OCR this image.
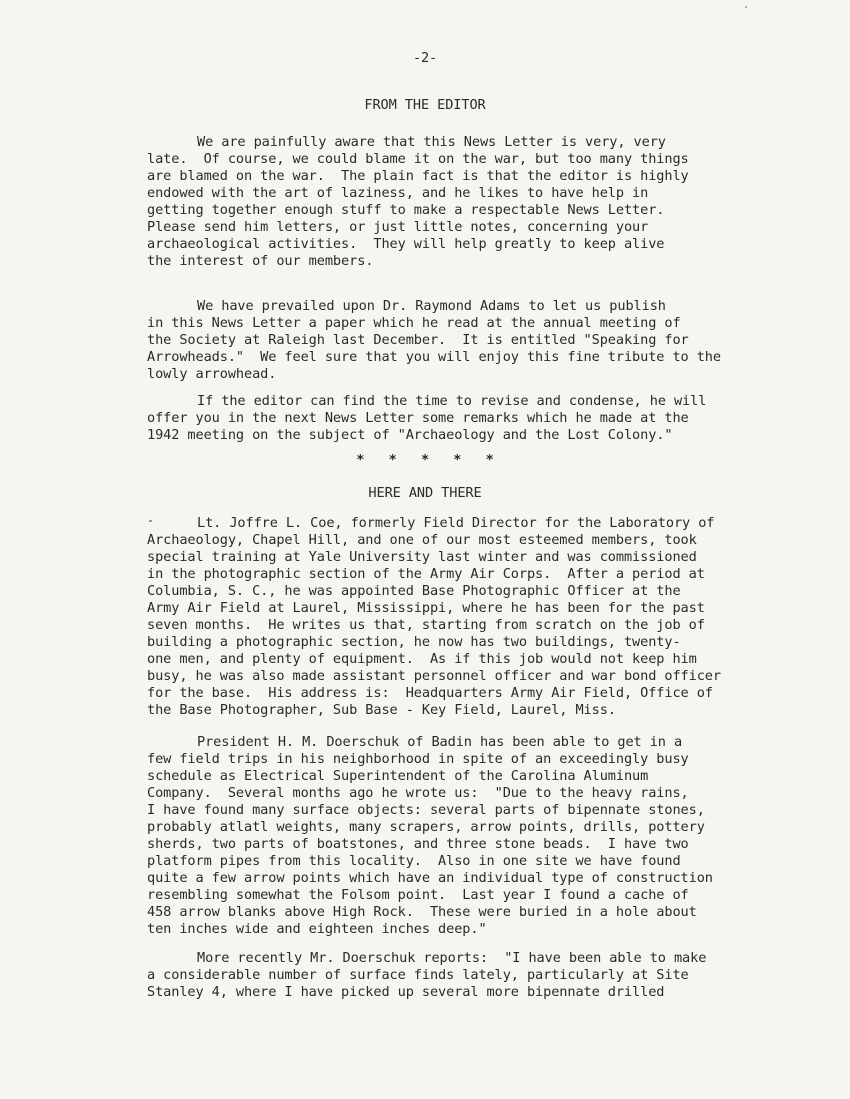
-2-
FROM THE EDITOR
We are painfully aware that this News Letter is very, very
late.  Of course, we could blame it on the war, but too many things
are blamed on the war.  The plain fact is that the editor is highly
endowed with the art of laziness, and he likes to have help in
getting together enough stuff to make a respectable News Letter.
Please send him letters, or just little notes, concerning your
archaeological activities.  They will help greatly to keep alive
the interest of our members.
We have prevailed upon Dr. Raymond Adams to let us publish
in this News Letter a paper which he read at the annual meeting of
the Society at Raleigh last December.  It is entitled "Speaking for
Arrowheads."  We feel sure that you will enjoy this fine tribute to the
lowly arrowhead.
If the editor can find the time to revise and condense, he will
offer you in the next News Letter some remarks which he made at the
1942 meeting on the subject of "Archaeology and the Lost Colony."
*   *   *   *   *
HERE AND THERE
Lt. Joffre L. Coe, formerly Field Director for the Laboratory of
Archaeology, Chapel Hill, and one of our most esteemed members, took
special training at Yale University last winter and was commissioned
in the photographic section of the Army Air Corps.  After a period at
Columbia, S. C., he was appointed Base Photographic Officer at the
Army Air Field at Laurel, Mississippi, where he has been for the past
seven months.  He writes us that, starting from scratch on the job of
building a photographic section, he now has two buildings, twenty-
one men, and plenty of equipment.  As if this job would not keep him
busy, he was also made assistant personnel officer and war bond officer
for the base.  His address is:  Headquarters Army Air Field, Office of
the Base Photographer, Sub Base - Key Field, Laurel, Miss.
President H. M. Doerschuk of Badin has been able to get in a
few field trips in his neighborhood in spite of an exceedingly busy
schedule as Electrical Superintendent of the Carolina Aluminum
Company.  Several months ago he wrote us:  "Due to the heavy rains,
I have found many surface objects: several parts of bipennate stones,
probably atlatl weights, many scrapers, arrow points, drills, pottery
sherds, two parts of boatstones, and three stone beads.  I have two
platform pipes from this locality.  Also in one site we have found
quite a few arrow points which have an individual type of construction
resembling somewhat the Folsom point.  Last year I found a cache of
458 arrow blanks above High Rock.  These were buried in a hole about
ten inches wide and eighteen inches deep."
More recently Mr. Doerschuk reports:  "I have been able to make
a considerable number of surface finds lately, particularly at Site
Stanley 4, where I have picked up several more bipennate drilled
